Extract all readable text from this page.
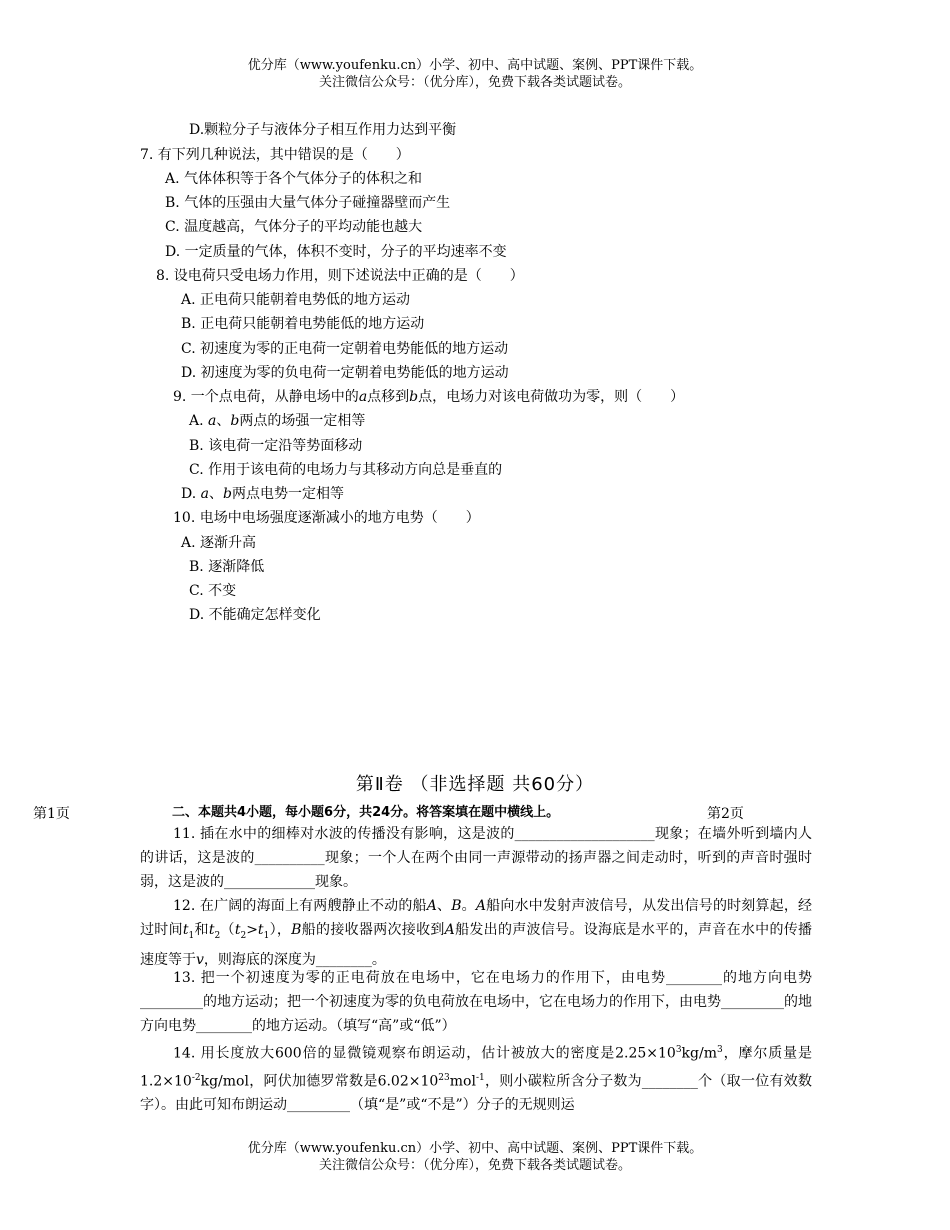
优分库（www.youfenku.cn）小学、初中、高中试题、案例、PPT课件下载。
关注微信公众号：（优分库），免费下载各类试题试卷。
D.颗粒分子与液体分子相互作用力达到平衡
7. 有下列几种说法，其中错误的是（　　）
A. 气体体积等于各个气体分子的体积之和
B. 气体的压强由大量气体分子碰撞器壁而产生
C. 温度越高，气体分子的平均动能也越大
D. 一定质量的气体，体积不变时，分子的平均速率不变
8. 设电荷只受电场力作用，则下述说法中正确的是（　　）
A. 正电荷只能朝着电势低的地方运动
B. 正电荷只能朝着电势能低的地方运动
C. 初速度为零的正电荷一定朝着电势能低的地方运动
D. 初速度为零的负电荷一定朝着电势能低的地方运动
9. 一个点电荷，从静电场中的a点移到b点，电场力对该电荷做功为零，则（　　）
A. a、b两点的场强一定相等
B. 该电荷一定沿等势面移动
C. 作用于该电荷的电场力与其移动方向总是垂直的
D. a、b两点电势一定相等
10. 电场中电场强度逐渐减小的地方电势（　　）
A. 逐渐升高
B. 逐渐降低
C. 不变
D. 不能确定怎样变化
第Ⅱ卷 （非选择题 共60分）
第1页	二、本题共4小题，每小题6分，共24分。将答案填在题中横线上。	第2页
11. 插在水中的细棒对水波的传播没有影响，这是波的____________________现象；在墙外听到墙内人的讲话，这是波的__________现象；一个人在两个由同一声源带动的扬声器之间走动时，听到的声音时强时弱，这是波的_____________现象。
12. 在广阔的海面上有两艘静止不动的船A、B。A船向水中发射声波信号，从发出信号的时刻算起，经过时间$t_1$和$t_2(t_2>t_1)$，B船的接收器两次接收到A船发出的声波信号。设海底是水平的，声音在水中的传播速度等于v，则海底的深度为________。
13. 把一个初速度为零的正电荷放在电场中，它在电场力的作用下，由电势________的地方向电势_________的地方运动；把一个初速度为零的负电荷放在电场中，它在电场力的作用下，由电势_________的地方向电势________的地方运动。（填写“高”或“低”）
14. 用长度放大600倍的显微镜观察布朗运动，估计被放大的密度是$2.25\times 10^3kg/m^3$，摩尔质量是$1.2\times 10^{-2}kg$/mol，阿伏加德罗常数是$6.02\times 10^{23}mol^{-1}$，则小碳粒所含分子数为________个（取一位有效数字）。由此可知布朗运动_________（填“是”或“不是”）分子的无规则运
优分库（www.youfenku.cn）小学、初中、高中试题、案例、PPT课件下载。
关注微信公众号：（优分库），免费下载各类试题试卷。
